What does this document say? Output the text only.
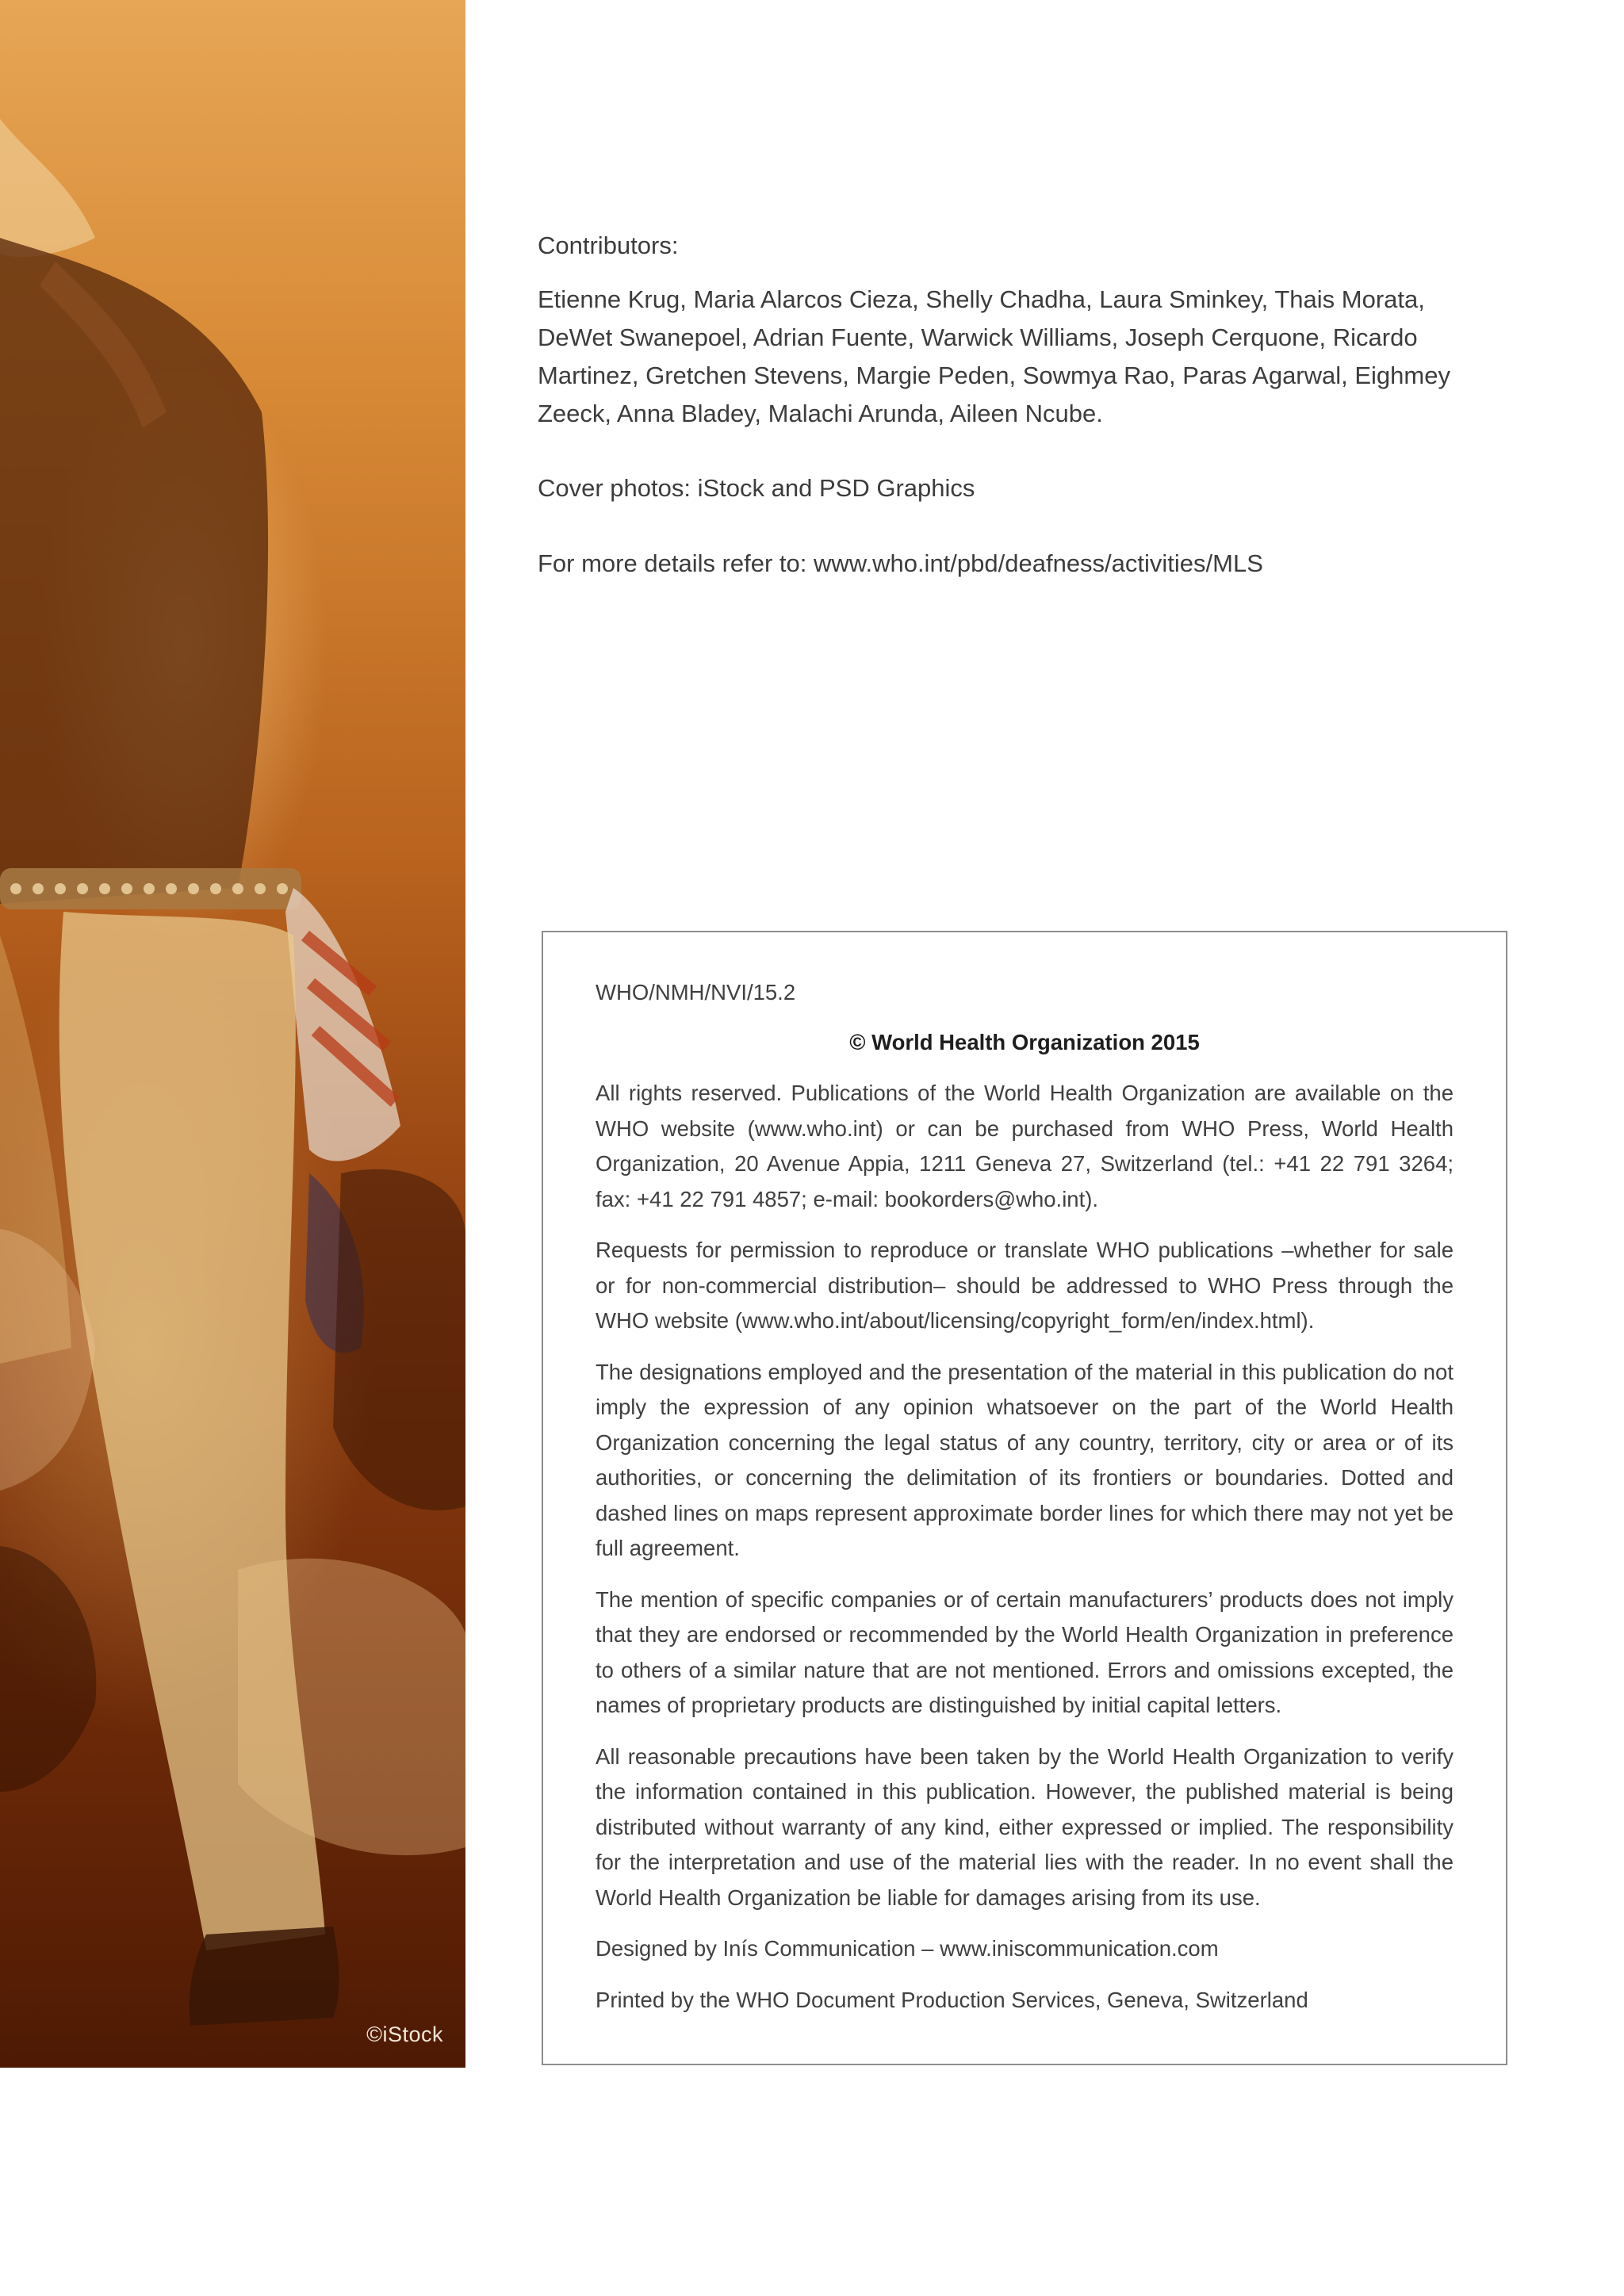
©iStock

Contributors:

Etienne Krug, Maria Alarcos Cieza, Shelly Chadha, Laura Sminkey, Thais Morata, DeWet Swanepoel, Adrian Fuente, Warwick Williams, Joseph Cerquone, Ricardo Martinez, Gretchen Stevens, Margie Peden, Sowmya Rao, Paras Agarwal, Eighmey Zeeck, Anna Bladey, Malachi Arunda, Aileen Ncube.

Cover photos: iStock and PSD Graphics

For more details refer to: www.who.int/pbd/deafness/activities/MLS

WHO/NMH/NVI/15.2

© World Health Organization 2015

All rights reserved. Publications of the World Health Organization are available on the WHO website (www.who.int) or can be purchased from WHO Press, World Health Organization, 20 Avenue Appia, 1211 Geneva 27, Switzerland (tel.: +41 22 791 3264; fax: +41 22 791 4857; e-mail: bookorders@who.int).

Requests for permission to reproduce or translate WHO publications –whether for sale or for non-commercial distribution– should be addressed to WHO Press through the WHO website (www.who.int/about/licensing/copyright_form/en/index.html).

The designations employed and the presentation of the material in this publication do not imply the expression of any opinion whatsoever on the part of the World Health Organization concerning the legal status of any country, territory, city or area or of its authorities, or concerning the delimitation of its frontiers or boundaries. Dotted and dashed lines on maps represent approximate border lines for which there may not yet be full agreement.

The mention of specific companies or of certain manufacturers’ products does not imply that they are endorsed or recommended by the World Health Organization in preference to others of a similar nature that are not mentioned. Errors and omissions excepted, the names of proprietary products are distinguished by initial capital letters.

All reasonable precautions have been taken by the World Health Organization to verify the information contained in this publication. However, the published material is being distributed without warranty of any kind, either expressed or implied. The responsibility for the interpretation and use of the material lies with the reader. In no event shall the World Health Organization be liable for damages arising from its use.

Designed by Inís Communication – www.iniscommunication.com

Printed by the WHO Document Production Services, Geneva, Switzerland
